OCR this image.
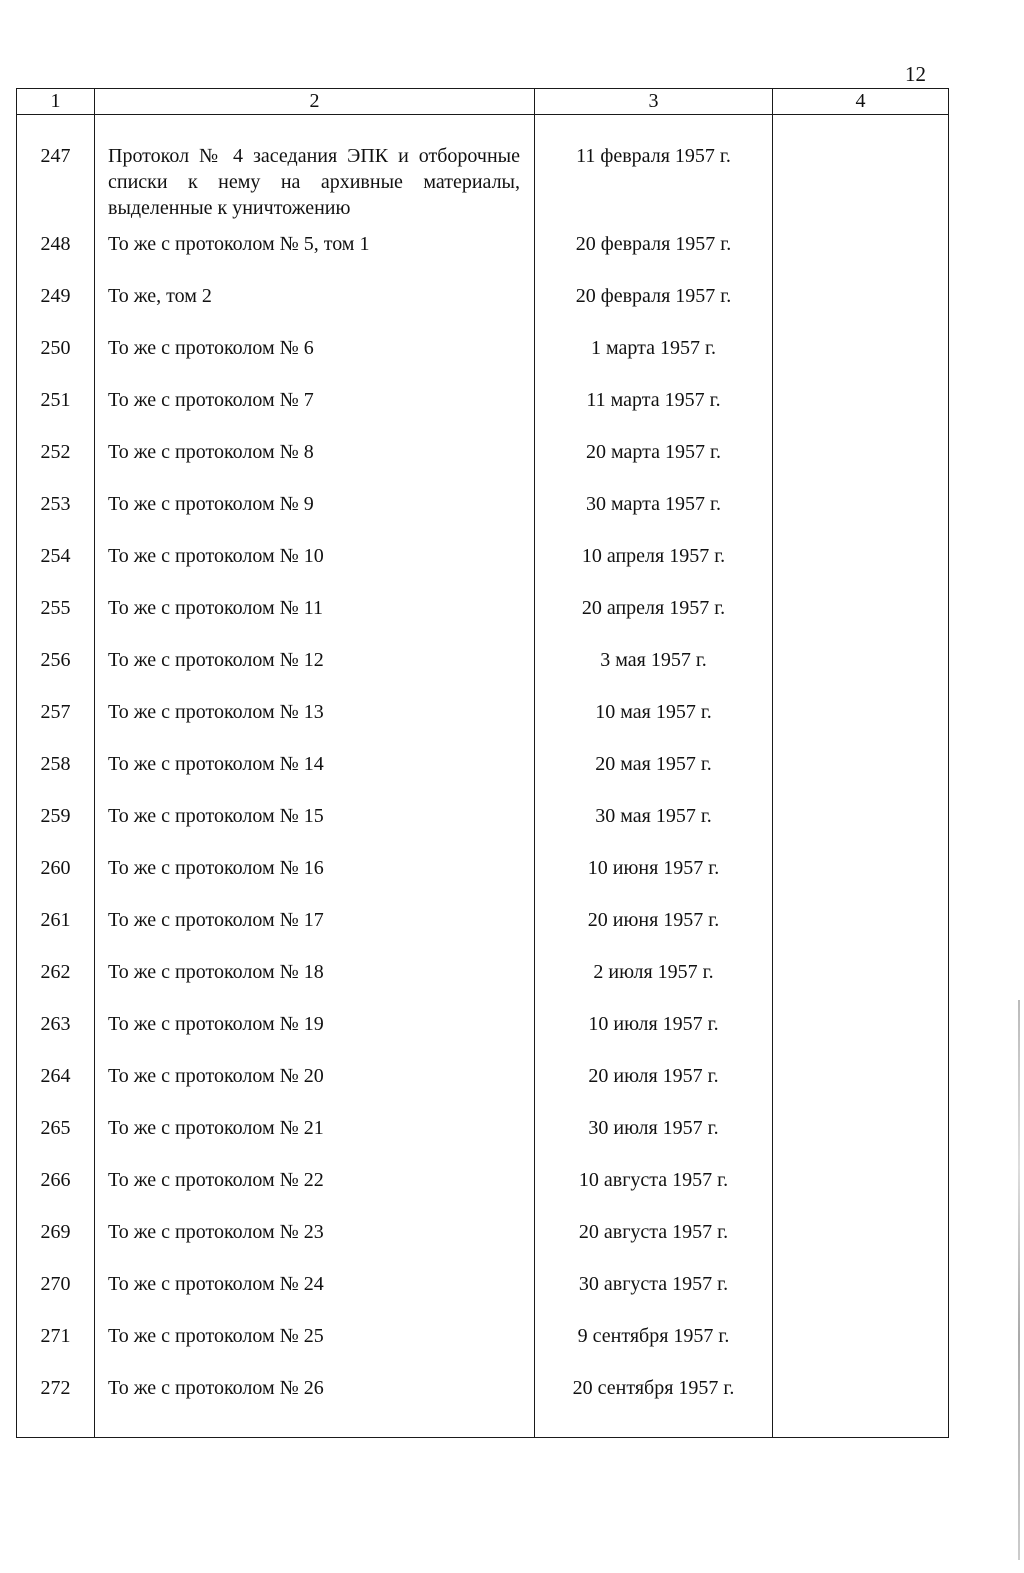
12
1	2	3	4
247	Протокол № 4 заседания ЭПК и отборочные списки к нему на архивные материалы, выделенные к уничтожению	11 февраля 1957 г.	
248	То же с протоколом № 5, том 1	20 февраля 1957 г.	
249	То же, том 2	20 февраля 1957 г.	
250	То же с протоколом № 6	1 марта 1957 г.	
251	То же с протоколом № 7	11 марта 1957 г.	
252	То же с протоколом № 8	20 марта 1957 г.	
253	То же с протоколом № 9	30 марта 1957 г.	
254	То же с протоколом № 10	10 апреля 1957 г.	
255	То же с протоколом № 11	20 апреля 1957 г.	
256	То же с протоколом № 12	3 мая 1957 г.	
257	То же с протоколом № 13	10 мая 1957 г.	
258	То же с протоколом № 14	20 мая 1957 г.	
259	То же с протоколом № 15	30 мая 1957 г.	
260	То же с протоколом № 16	10 июня 1957 г.	
261	То же с протоколом № 17	20 июня 1957 г.	
262	То же с протоколом № 18	2 июля 1957 г.	
263	То же с протоколом № 19	10 июля 1957 г.	
264	То же с протоколом № 20	20 июля 1957 г.	
265	То же с протоколом № 21	30 июля 1957 г.	
266	То же с протоколом № 22	10 августа 1957 г.	
269	То же с протоколом № 23	20 августа 1957 г.	
270	То же с протоколом № 24	30 августа 1957 г.	
271	То же с протоколом № 25	9 сентября 1957 г.	
272	То же с протоколом № 26	20 сентября 1957 г.	
